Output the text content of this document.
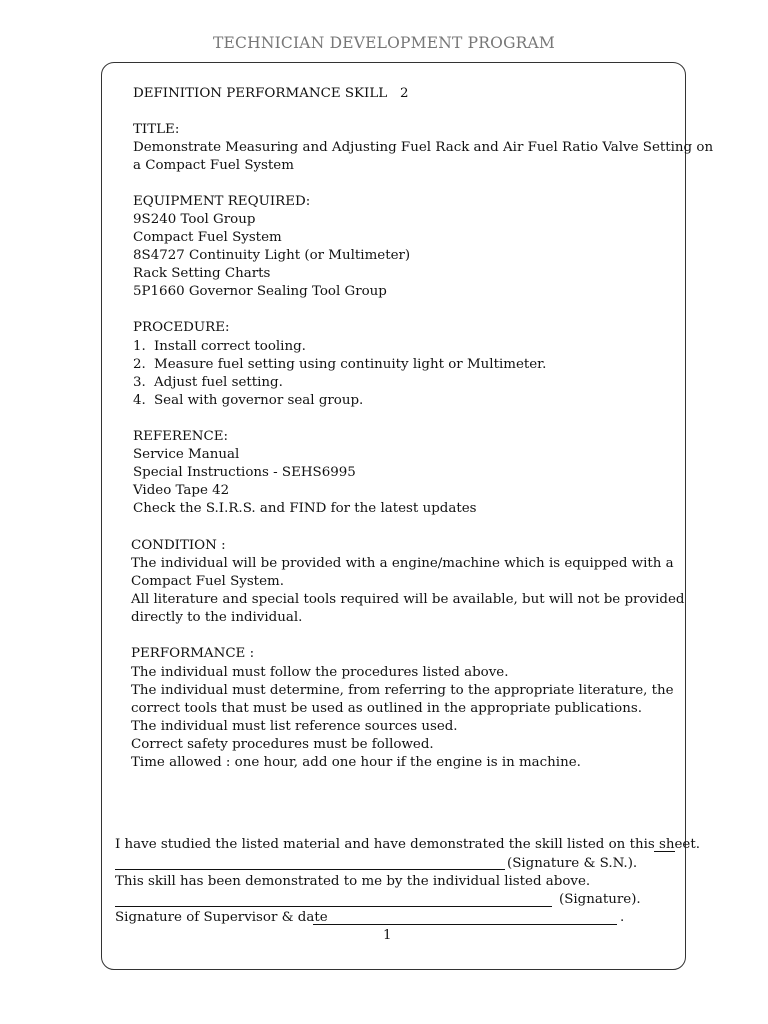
TECHNICIAN DEVELOPMENT PROGRAM
DEFINITION PERFORMANCE SKILL 2
TITLE:
Demonstrate Measuring and Adjusting Fuel Rack and Air Fuel Ratio Valve Setting on
a Compact Fuel System
EQUIPMENT REQUIRED:
9S240 Tool Group
Compact Fuel System
8S4727 Continuity Light (or Multimeter)
Rack Setting Charts
5P1660 Governor Sealing Tool Group
PROCEDURE:
1. Install correct tooling.
2. Measure fuel setting using continuity light or Multimeter.
3. Adjust fuel setting.
4. Seal with governor seal group.
REFERENCE:
Service Manual
Special Instructions - SEHS6995
Video Tape 42
Check the S.I.R.S. and FIND for the latest updates
CONDITION :
The individual will be provided with a engine/machine which is equipped with a
Compact Fuel System.
All literature and special tools required will be available, but will not be provided
directly to the individual.
PERFORMANCE :
The individual must follow the procedures listed above.
The individual must determine, from referring to the appropriate literature, the
correct tools that must be used as outlined in the appropriate publications.
The individual must list reference sources used.
Correct safety procedures must be followed.
Time allowed : one hour, add one hour if the engine is in machine.
I have studied the listed material and have demonstrated the skill listed on this sheet.
(Signature & S.N.).
This skill has been demonstrated to me by the individual listed above.
(Signature).
Signature of Supervisor & date	.
1
